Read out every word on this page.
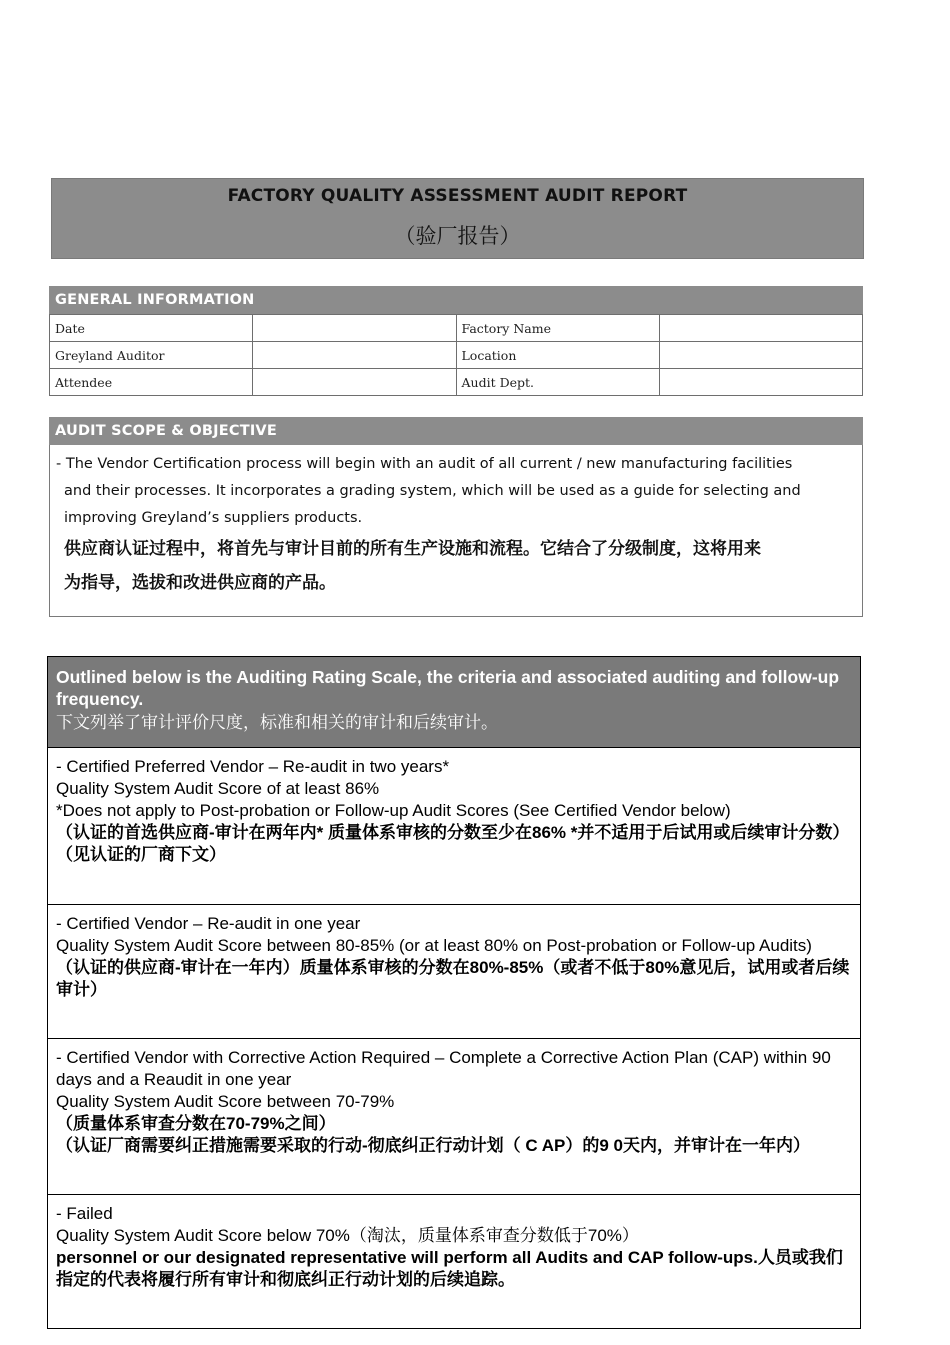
FACTORY QUALITY ASSESSMENT AUDIT REPORT
（验厂报告）
GENERAL INFORMATION
Date		Factory Name	
Greyland Auditor		Location	
Attendee		Audit Dept.	
AUDIT SCOPE & OBJECTIVE
- The Vendor Certification process will begin with an audit of all current / new manufacturing facilities
and their processes. It incorporates a grading system, which will be used as a guide for selecting and
improving Greyland’s suppliers products.
供应商认证过程中，将首先与审计目前的所有生产设施和流程。它结合了分级制度，这将用来
为指导，选拔和改进供应商的产品。
Outlined below is the Auditing Rating Scale, the criteria and associated auditing and follow-up frequency.
下文列举了审计评价尺度，标准和相关的审计和后续审计。
- Certified Preferred Vendor – Re-audit in two years*
Quality System Audit Score of at least 86%
*Does not apply to Post-probation or Follow-up Audit Scores (See Certified Vendor below)
（认证的首选供应商-审计在两年内* 质量体系审核的分数至少在86% *并不适用于后试用或后续审计分数）（见认证的厂商下文）
- Certified Vendor – Re-audit in one year
Quality System Audit Score between 80-85% (or at least 80% on Post-probation or Follow-up Audits)
（认证的供应商-审计在一年内）质量体系审核的分数在80%-85%（或者不低于80%意见后，试用或者后续审计）
- Certified Vendor with Corrective Action Required – Complete a Corrective Action Plan (CAP) within 90 days and a Reaudit in one year
Quality System Audit Score between 70-79%
（质量体系审查分数在70-79%之间）
（认证厂商需要纠正措施需要采取的行动-彻底纠正行动计划（ C AP）的9 0天内，并审计在一年内）
- Failed
Quality System Audit Score below 70%（淘汰，质量体系审查分数低于70%）
personnel or our designated representative will perform all Audits and CAP follow-ups.人员或我们指定的代表将履行所有审计和彻底纠正行动计划的后续追踪。
